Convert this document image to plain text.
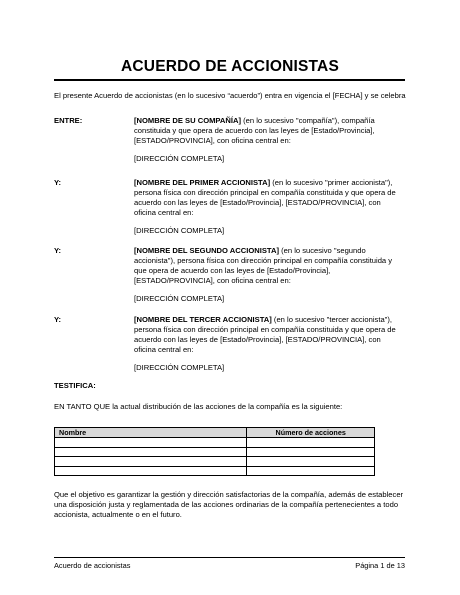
ACUERDO DE ACCIONISTAS
El presente Acuerdo de accionistas (en lo sucesivo “acuerdo”) entra en vigencia el [FECHA] y se celebra
ENTRE:	[NOMBRE DE SU COMPAÑÍA] (en lo sucesivo "compañía"), compañía constituida y que opera de acuerdo con las leyes de [Estado/Provincia], [ESTADO/PROVINCIA], con oficina central en:
[DIRECCIÓN COMPLETA]
Y:	[NOMBRE DEL PRIMER ACCIONISTA] (en lo sucesivo "primer accionista"), persona física con dirección principal en compañía constituida y que opera de acuerdo con las leyes de [Estado/Provincia], [ESTADO/PROVINCIA], con oficina central en:
[DIRECCIÓN COMPLETA]
Y:	[NOMBRE DEL SEGUNDO ACCIONISTA] (en lo sucesivo "segundo accionista"), persona física con dirección principal en compañía constituida y que opera de acuerdo con las leyes de [Estado/Provincia], [ESTADO/PROVINCIA], con oficina central en:
[DIRECCIÓN COMPLETA]
Y:	[NOMBRE DEL TERCER ACCIONISTA] (en lo sucesivo "tercer accionista"), persona física con dirección principal en compañía constituida y que opera de acuerdo con las leyes de [Estado/Provincia], [ESTADO/PROVINCIA], con oficina central en:
[DIRECCIÓN COMPLETA]
TESTIFICA:
EN TANTO QUE la actual distribución de las acciones de la compañía es la siguiente:
Nombre	Número de acciones

Que el objetivo es garantizar la gestión y dirección satisfactorias de la compañía, además de establecer una disposición justa y reglamentada de las acciones ordinarias de la compañía pertenecientes a todo accionista, actualmente o en el futuro.
Acuerdo de accionistas	Página 1 de 13
